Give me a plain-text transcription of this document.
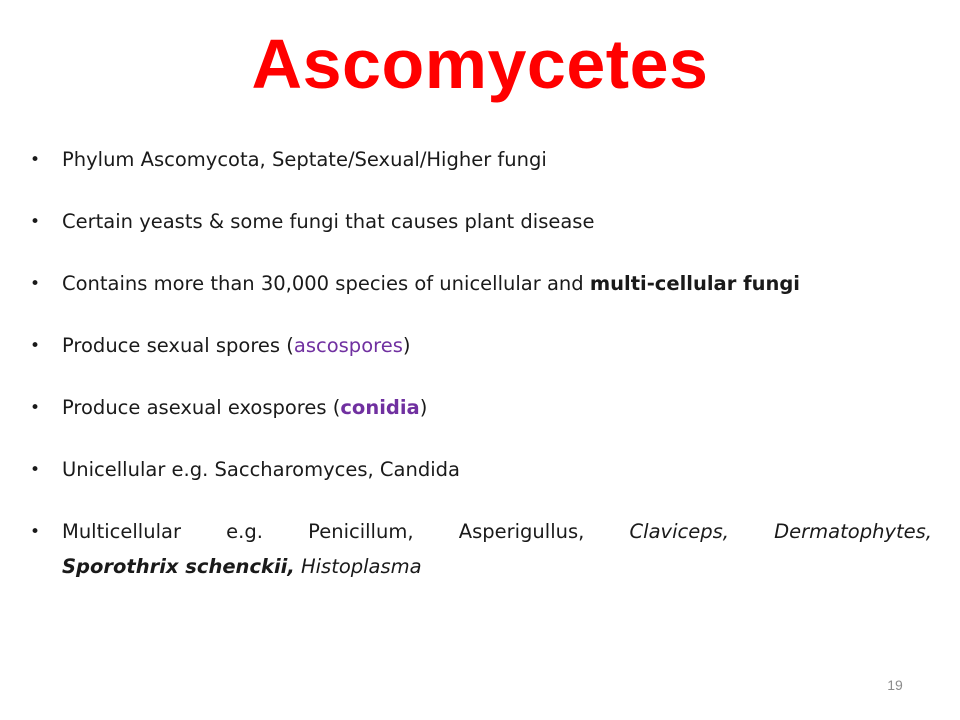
Ascomycetes
•	Phylum Ascomycota, Septate/Sexual/Higher fungi
•	Certain yeasts & some fungi that causes plant disease
•	Contains more than 30,000 species of unicellular and multi-cellular fungi
•	Produce sexual spores (ascospores)
•	Produce asexual exospores (conidia)
•	Unicellular e.g. Saccharomyces, Candida
•	Multicellular e.g. Penicillum, Asperigullus, Claviceps, Dermatophytes,
Sporothrix schenckii, Histoplasma
19
